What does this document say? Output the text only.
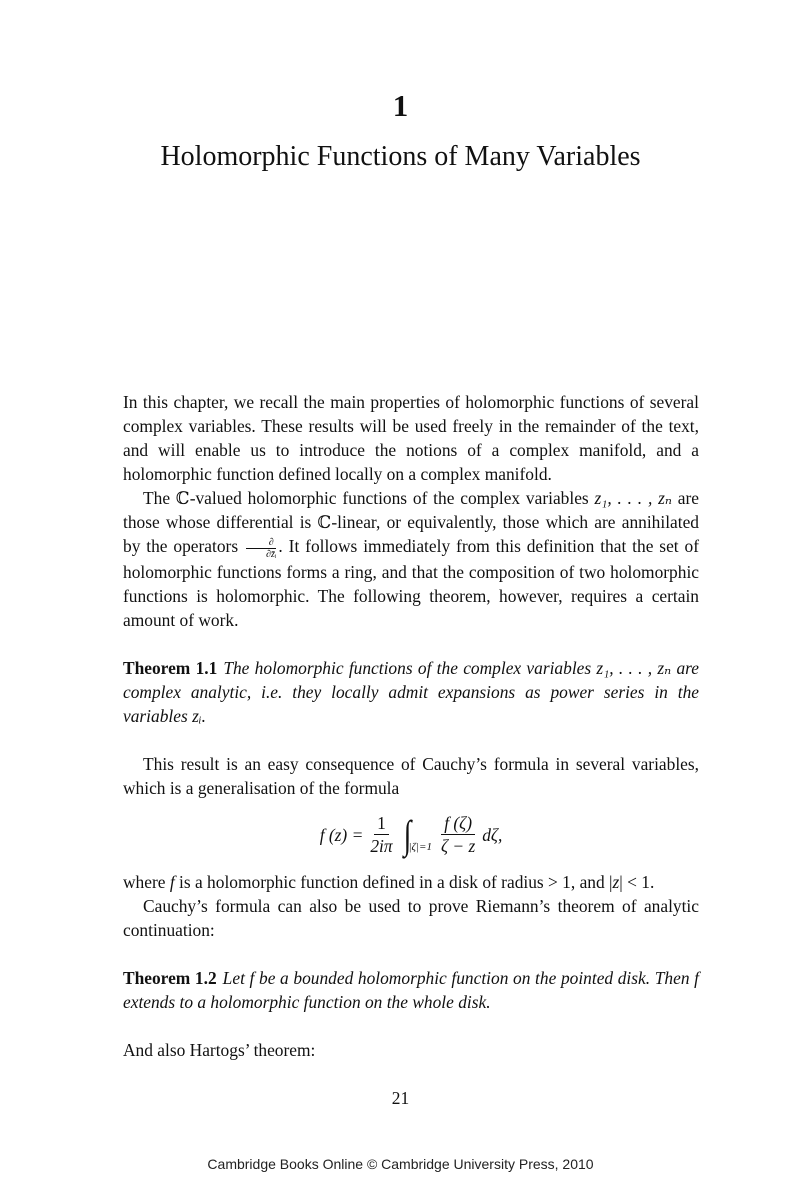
1
Holomorphic Functions of Many Variables

In this chapter, we recall the main properties of holomorphic functions of several complex variables. These results will be used freely in the remainder of the text, and will enable us to introduce the notions of a complex manifold, and a holomorphic function defined locally on a complex manifold.

The ℂ-valued holomorphic functions of the complex variables z₁, . . . , zₙ are those whose differential is ℂ-linear, or equivalently, those which are annihilated by the operators $\frac{\partial}{\text{∂z̄ᵢ}}$ . It follows immediately from this definition that the set of holomorphic functions forms a ring, and that the composition of two holomorphic functions is holomorphic. The following theorem, however, requires a certain amount of work.

Theorem 1.1 The holomorphic functions of the complex variables z₁, . . . , zₙ are complex analytic, i.e. they locally admit expansions as power series in the variables zᵢ.

This result is an easy consequence of Cauchy’s formula in several variables, which is a generalisation of the formula

f $(z) = \frac{1}{2i\pi}$ ∫
$|\zeta|=1 \frac{f (\zeta)}{\zeta - z} d\zeta$,

where f is a holomorphic function defined in a disk of radius > 1, and |z| < 1.

Cauchy’s formula can also be used to prove Riemann’s theorem of analytic continuation:

Theorem 1.2 Let f be a bounded holomorphic function on the pointed disk. Then f extends to a holomorphic function on the whole disk.

And also Hartogs’ theorem:

21
Cambridge Books Online © Cambridge University Press, 2010
